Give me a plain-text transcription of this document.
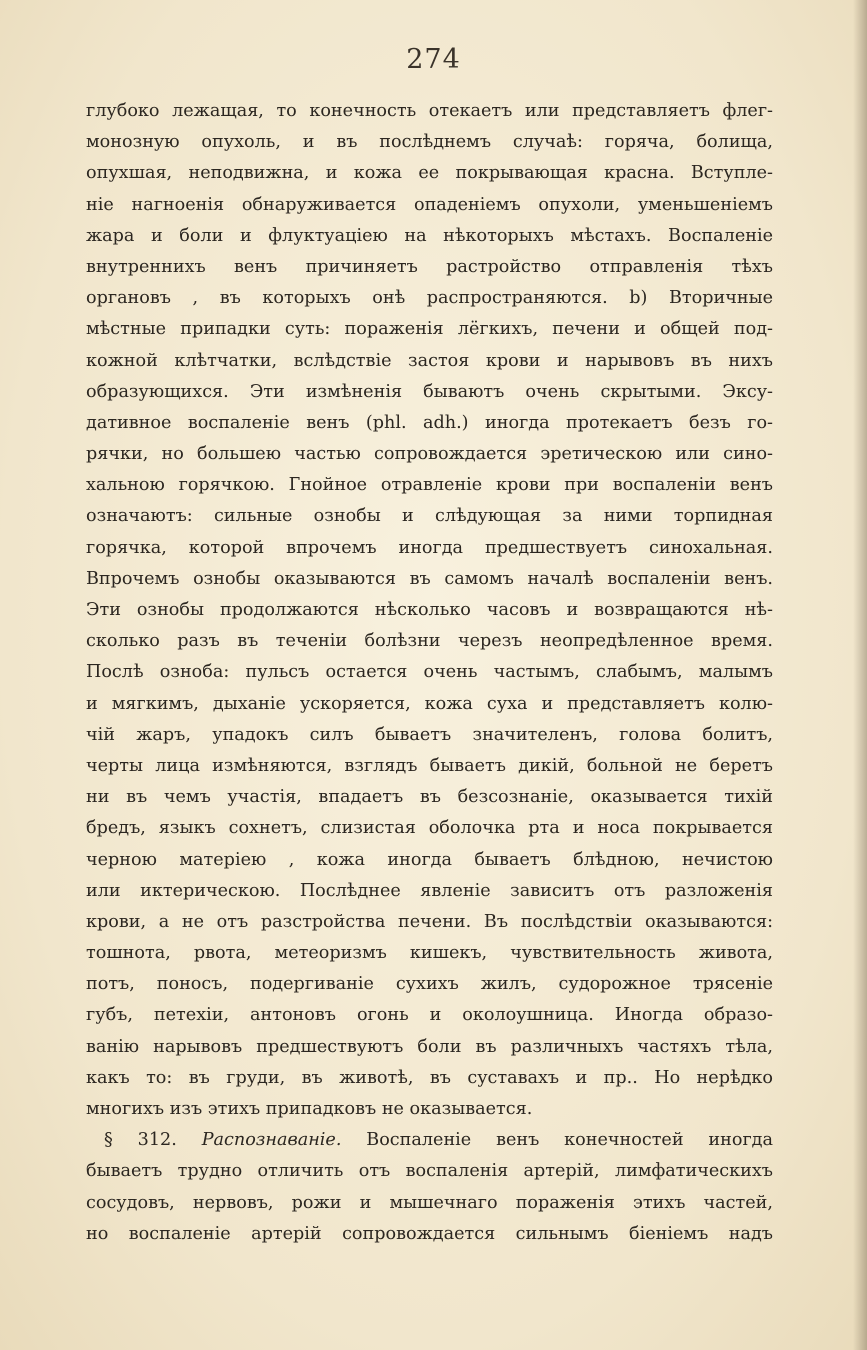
274
глубоко лежащая, то конечность отекаетъ или представляетъ флег-
монозную опухоль, и въ послѣднемъ случаѣ: горяча, болища,
опухшая, неподвижна, и кожа ее покрывающая красна. Вступле-
ніе нагноенія обнаруживается опаденіемъ опухоли, уменьшеніемъ
жара и боли и флуктуаціею на нѣкоторыхъ мѣстахъ. Воспаленіе
внутреннихъ венъ причиняетъ растройство отправленія тѣхъ
органовъ , въ которыхъ онѣ распространяются. b) Вторичные
мѣстные припадки суть: пораженія лёгкихъ, печени и общей под-
кожной клѣтчатки, вслѣдствіе застоя крови и нарывовъ въ нихъ
образующихся. Эти измѣненія бываютъ очень скрытыми. Эксу-
дативное воспаленіе венъ (phl. adh.) иногда протекаетъ безъ го-
рячки, но большею частью сопровождается эретическою или сино-
хальною горячкою. Гнойное отравленіе крови при воспаленіи венъ
означаютъ: сильные ознобы и слѣдующая за ними торпидная
горячка, которой впрочемъ иногда предшествуетъ синохальная.
Впрочемъ ознобы оказываются въ самомъ началѣ воспаленіи венъ.
Эти ознобы продолжаются нѣсколько часовъ и возвращаются нѣ-
сколько разъ въ теченіи болѣзни черезъ неопредѣленное время.
Послѣ озноба: пульсъ остается очень частымъ, слабымъ, малымъ
и мягкимъ, дыханіе ускоряется, кожа суха и представляетъ колю-
чій жаръ, упадокъ силъ бываетъ значителенъ, голова болитъ,
черты лица измѣняются, взглядъ бываетъ дикій, больной не беретъ
ни въ чемъ участія, впадаетъ въ безсознаніе, оказывается тихій
бредъ, языкъ сохнетъ, слизистая оболочка рта и носа покрывается
черною матеріею , кожа иногда бываетъ блѣдною, нечистою
или иктерическою. Послѣднее явленіе зависитъ отъ разложенія
крови, а не отъ разстройства печени. Въ послѣдствіи оказываются:
тошнота, рвота, метеоризмъ кишекъ, чувствительность живота,
потъ, поносъ, подергиваніе сухихъ жилъ, судорожное трясеніе
губъ, петехіи, антоновъ огонь и околоушница. Иногда образо-
ванію нарывовъ предшествуютъ боли въ различныхъ частяхъ тѣла,
какъ то: въ груди, въ животѣ, въ суставахъ и пр.. Но нерѣдко
многихъ изъ этихъ припадковъ не оказывается.
§ 312. Распознаваніе. Воспаленіе венъ конечностей иногда
бываетъ трудно отличить отъ воспаленія артерій, лимфатическихъ
сосудовъ, нервовъ, рожи и мышечнаго пораженія этихъ частей,
но воспаленіе артерій сопровождается сильнымъ біеніемъ надъ
